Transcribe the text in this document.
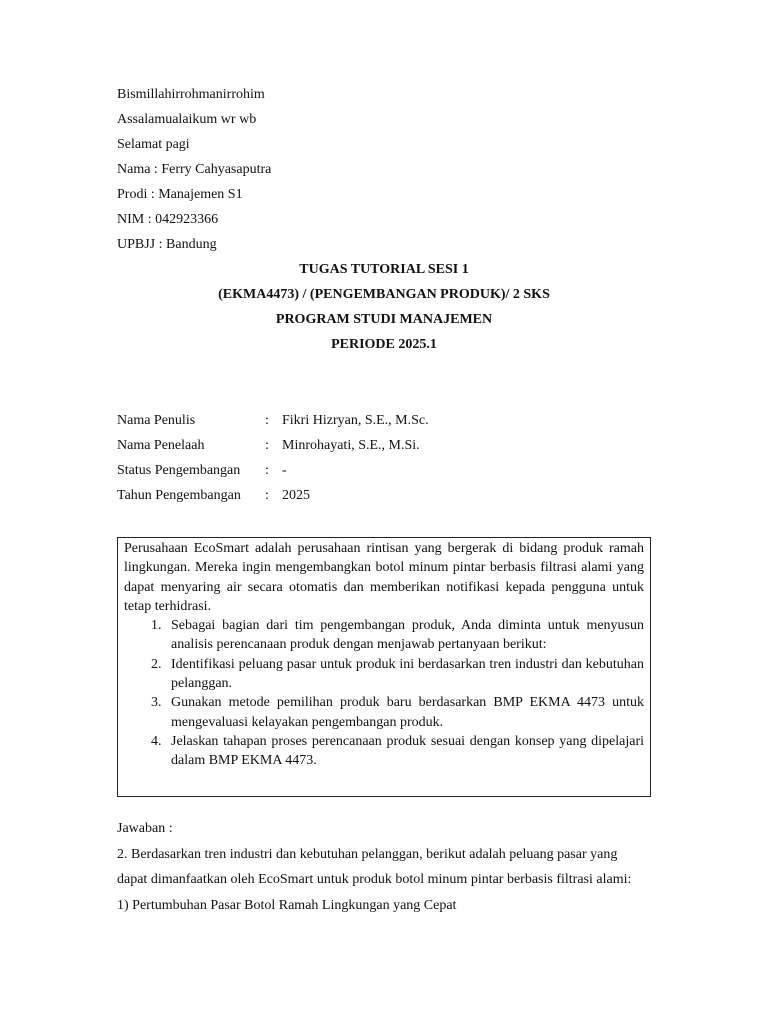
Bismillahirrohmanirrohim
Assalamualaikum wr wb
Selamat pagi
Nama : Ferry Cahyasaputra
Prodi : Manajemen S1
NIM : 042923366
UPBJJ : Bandung
TUGAS TUTORIAL SESI 1
(EKMA4473) / (PENGEMBANGAN PRODUK)/ 2 SKS
PROGRAM STUDI MANAJEMEN
PERIODE 2025.1
Nama Penulis	: Fikri Hizryan, S.E., M.Sc.
Nama Penelaah	: Minrohayati, S.E., M.Si.
Status Pengembangan : -
Tahun Pengembangan : 2025

Perusahaan EcoSmart adalah perusahaan rintisan yang bergerak di bidang produk ramah lingkungan. Mereka ingin mengembangkan botol minum pintar berbasis filtrasi alami yang dapat menyaring air secara otomatis dan memberikan notifikasi kepada pengguna untuk tetap terhidrasi.

1. Sebagai bagian dari tim pengembangan produk, Anda diminta untuk menyusun analisis perencanaan produk dengan menjawab pertanyaan berikut:
2. Identifikasi peluang pasar untuk produk ini berdasarkan tren industri dan kebutuhan pelanggan.
3. Gunakan metode pemilihan produk baru berdasarkan BMP EKMA 4473 untuk mengevaluasi kelayakan pengembangan produk.
4. Jelaskan tahapan proses perencanaan produk sesuai dengan konsep yang dipelajari dalam BMP EKMA 4473.
Jawaban :
2. Berdasarkan tren industri dan kebutuhan pelanggan, berikut adalah peluang pasar yang
dapat dimanfaatkan oleh EcoSmart untuk produk botol minum pintar berbasis filtrasi alami:
1) Pertumbuhan Pasar Botol Ramah Lingkungan yang Cepat
